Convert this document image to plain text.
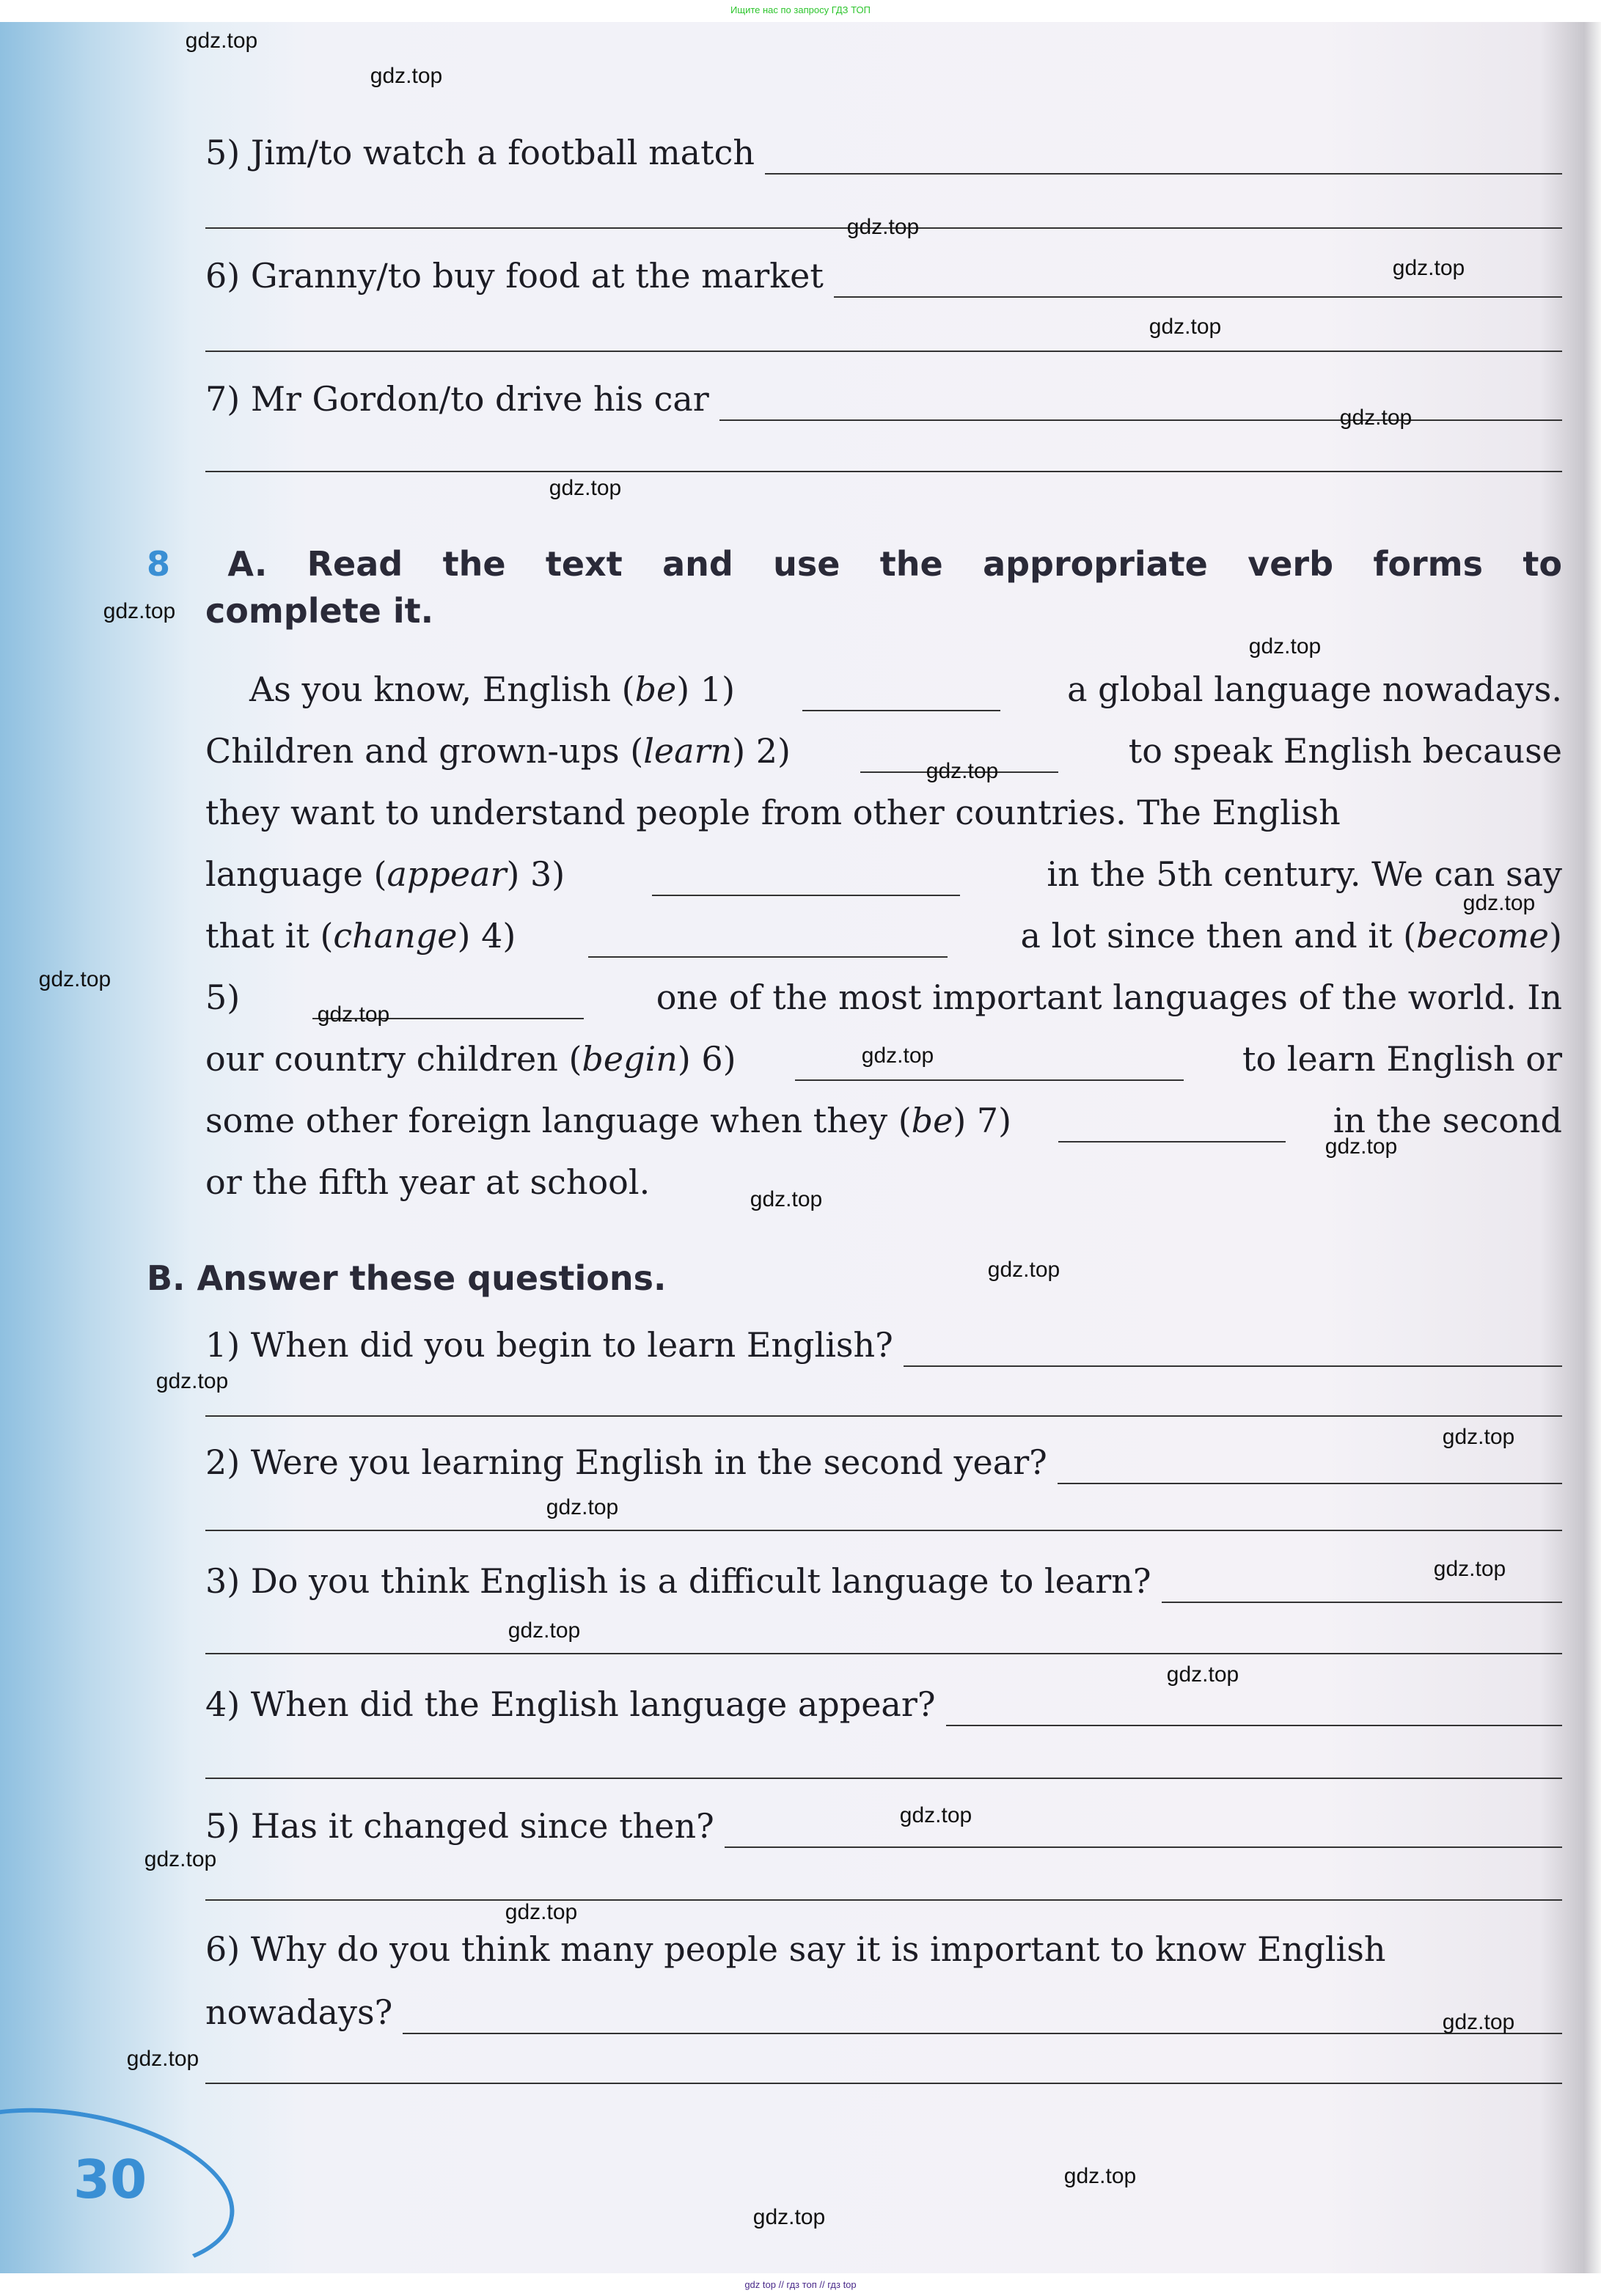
Ищите нас по запросу ГДЗ ТОП
5) Jim/to watch a football match
6) Granny/to buy food at the market
7) Mr Gordon/to drive his car
8 A. Read the text and use the appropriate verb forms to
complete it.
As you know, English (be) 1)	a global language nowadays.
Children and grown-ups (learn) 2)	to speak English because
they want to understand people from other countries. The English
language (appear) 3)	in the 5th century. We can say
that it (change) 4)	a lot since then and it (become)
5)	one of the most important languages of the world. In
our country children (begin) 6)	to learn English or
some other foreign language when they (be) 7)	in the second
or the fifth year at school.
B. Answer these questions.
1) When did you begin to learn English?
2) Were you learning English in the second year?
3) Do you think English is a difficult language to learn?
4) When did the English language appear?
5) Has it changed since then?
6) Why do you think many people say it is important to know English
nowadays?
30
gdz.top
gdz.top
gdz.top
gdz.top
gdz.top
gdz.top
gdz.top
gdz.top
gdz.top
gdz.top
gdz.top
gdz.top
gdz.top
gdz.top
gdz.top
gdz.top
gdz.top
gdz.top
gdz.top
gdz.top
gdz.top
gdz.top
gdz.top
gdz.top
gdz.top
gdz.top
gdz.top
gdz.top
gdz.top
gdz.top
gdz top // гдз топ // гдз top
